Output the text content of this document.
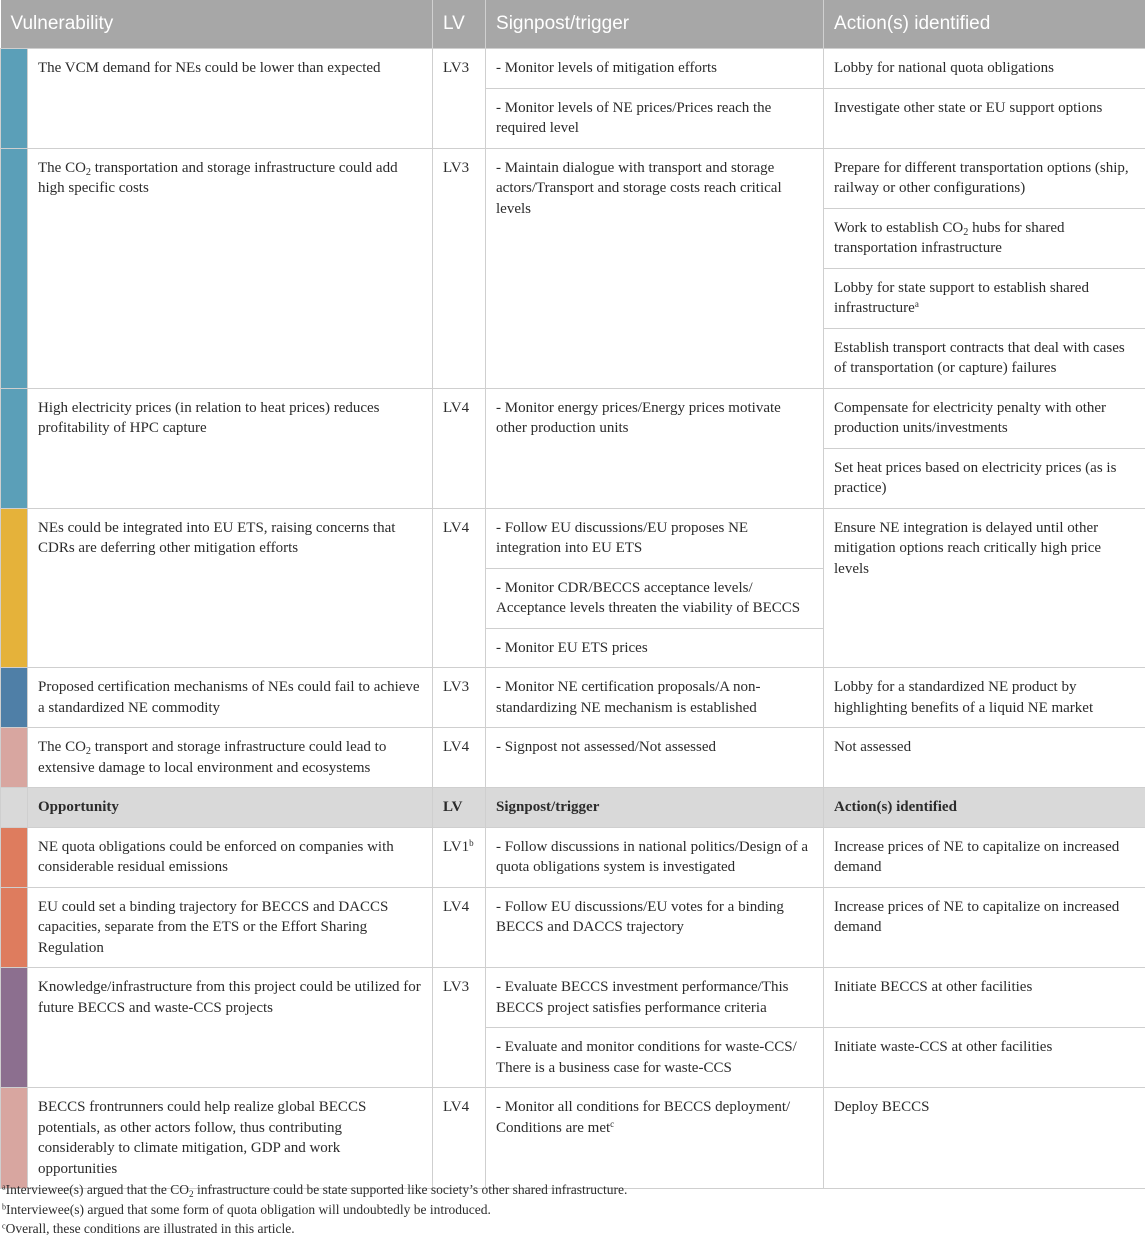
Vulnerability		LV	Signpost/trigger	Action(s) identified
	The VCM demand for NEs could be lower than expected	LV3	- Monitor levels of mitigation efforts	Lobby for national quota obligations
			- Monitor levels of NE prices/Prices reach the required level	Investigate other state or EU support options
	The $CO_2$ transportation and storage infrastructure could add high specific costs	LV3	- Maintain dialogue with transport and storage actors/Transport and storage costs reach critical levels	Prepare for different transportation options (ship, railway or other configurations)
				Work to establish $CO_2$ hubs for shared transportation infrastructure
				Lobby for state support to establish shared infrastructure$^a$
				Establish transport contracts that deal with cases of transportation (or capture) failures
	High electricity prices (in relation to heat prices) reduces profitability of HPC capture	LV4	- Monitor energy prices/Energy prices motivate other production units	Compensate for electricity penalty with other production units/investments
				Set heat prices based on electricity prices (as is practice)
	NEs could be integrated into EU ETS, raising concerns that CDRs are deferring other mitigation efforts	LV4	- Follow EU discussions/EU proposes NE integration into EU ETS	Ensure NE integration is delayed until other mitigation options reach critically high price levels
			- Monitor CDR/BECCS acceptance levels/ Acceptance levels threaten the viability of BECCS	
			- Monitor EU ETS prices	
	Proposed certification mechanisms of NEs could fail to achieve a standardized NE commodity	LV3	- Monitor NE certification proposals/A non-standardizing NE mechanism is established	Lobby for a standardized NE product by highlighting benefits of a liquid NE market
	The $CO_2$ transport and storage infrastructure could lead to extensive damage to local environment and ecosystems	LV4	- Signpost not assessed/Not assessed	Not assessed
	Opportunity	LV	Signpost/trigger	Action(s) identified
	NE quota obligations could be enforced on companies with considerable residual emissions	LV1$^b$	- Follow discussions in national politics/Design of a quota obligations system is investigated	Increase prices of NE to capitalize on increased demand
	EU could set a binding trajectory for BECCS and DACCS capacities, separate from the ETS or the Effort Sharing Regulation	LV4	- Follow EU discussions/EU votes for a binding BECCS and DACCS trajectory	Increase prices of NE to capitalize on increased demand
	Knowledge/infrastructure from this project could be utilized for future BECCS and waste-CCS projects	LV3	- Evaluate BECCS investment performance/This BECCS project satisfies performance criteria	Initiate BECCS at other facilities
			- Evaluate and monitor conditions for waste-CCS/ There is a business case for waste-CCS	Initiate waste-CCS at other facilities
	BECCS frontrunners could help realize global BECCS potentials, as other actors follow, thus contributing considerably to climate mitigation, GDP and work opportunities	LV4	- Monitor all conditions for BECCS deployment/ Conditions are met$^c$	Deploy BECCS
$^a$Interviewee(s) argued that the $CO_2$ infrastructure could be state supported like society’s other shared infrastructure.
$^b$Interviewee(s) argued that some form of quota obligation will undoubtedly be introduced.
$^c$Overall, these conditions are illustrated in this article.
